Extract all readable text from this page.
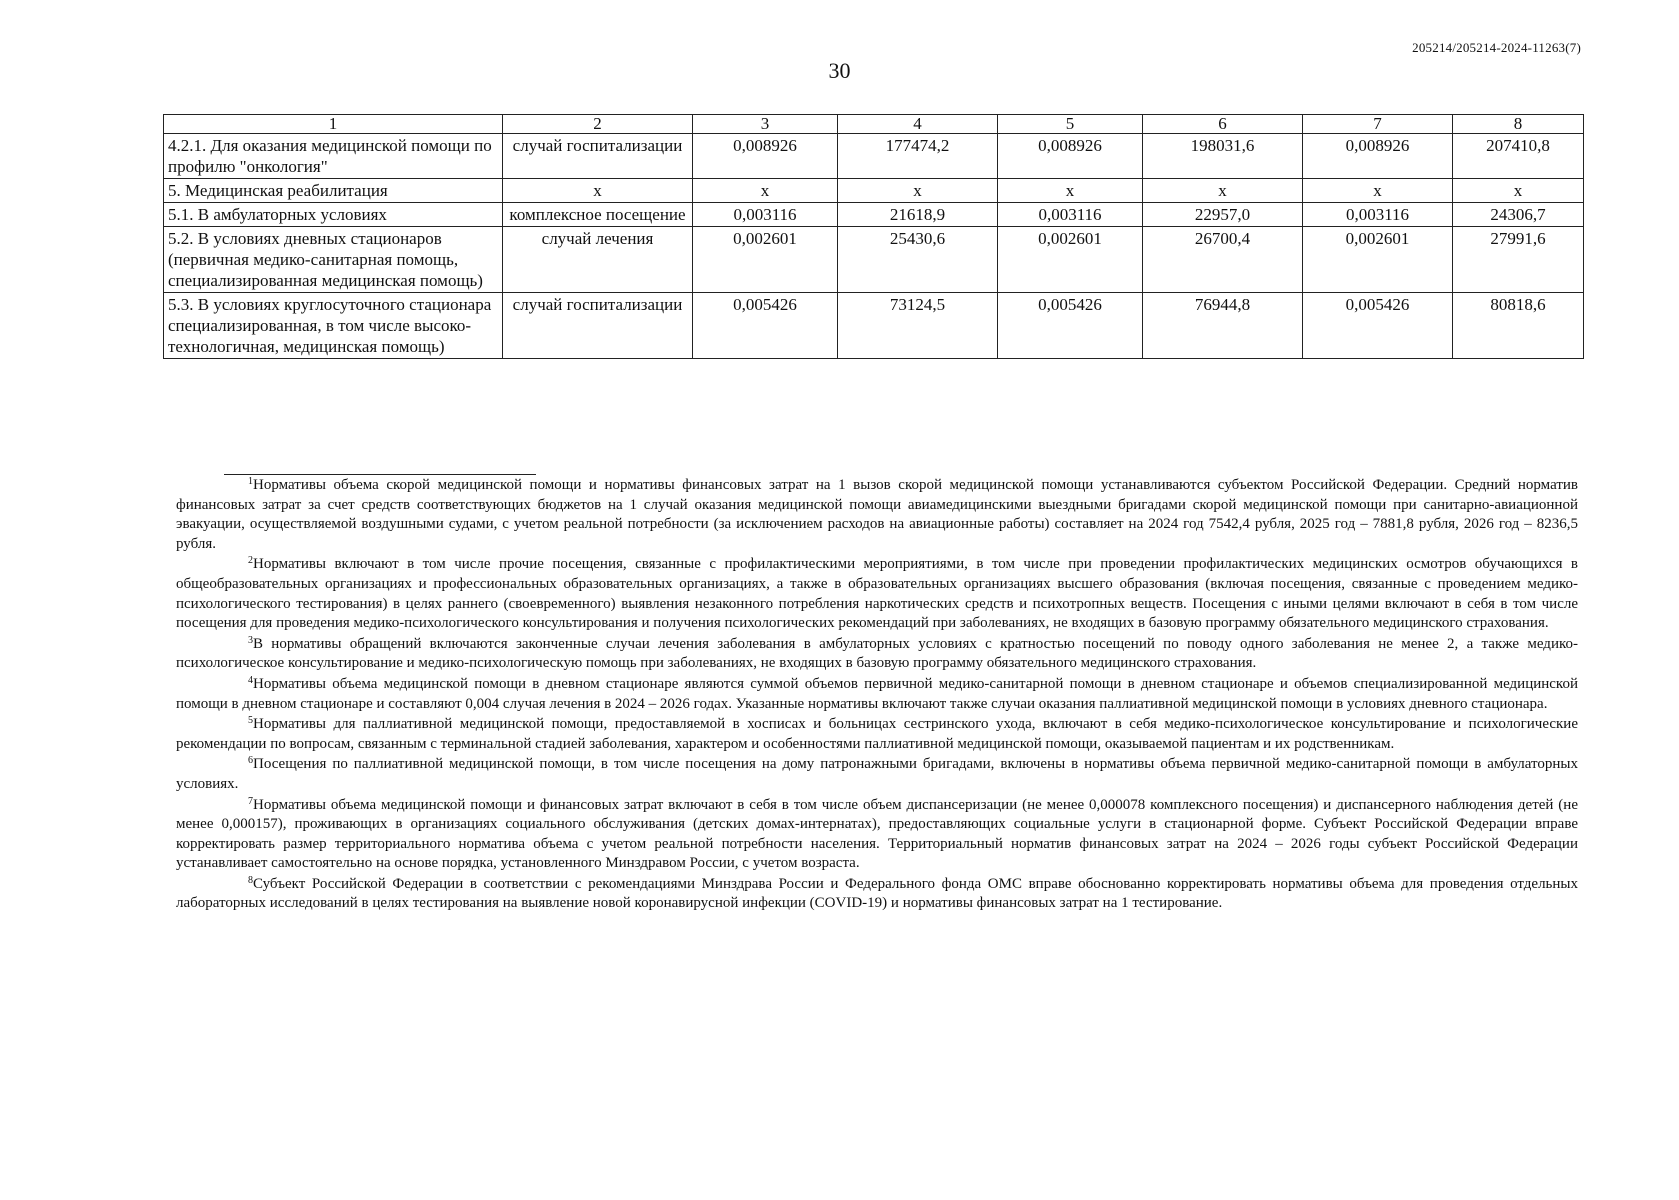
205214/205214-2024-11263(7)
30
1	2	3	4	5	6	7	8
4.2.1. Для оказания медицинской помощи по профилю "онкология"	случай госпитализации	0,008926	177474,2	0,008926	198031,6	0,008926	207410,8
5. Медицинская реабилитация	х	х	х	х	х	х	х
5.1. В амбулаторных условиях	комплексное посещение	0,003116	21618,9	0,003116	22957,0	0,003116	24306,7
5.2. В условиях дневных стационаров (первичная медико-санитарная помощь, специализированная медицинская помощь)	случай лечения	0,002601	25430,6	0,002601	26700,4	0,002601	27991,6
5.3. В условиях круглосуточного стационара специализированная, в том числе высоко-технологичная, медицинская помощь)	случай госпитализации	0,005426	73124,5	0,005426	76944,8	0,005426	80818,6

$^1$Нормативы объема скорой медицинской помощи и нормативы финансовых затрат на 1 вызов скорой медицинской помощи устанавливаются субъектом Российской Федерации. Средний норматив финансовых затрат за счет средств соответствующих бюджетов на 1 случай оказания медицинской помощи авиамедицинскими выездными бригадами скорой медицинской помощи при санитарно-авиационной эвакуации, осуществляемой воздушными судами, с учетом реальной потребности (за исключением расходов на авиационные работы) составляет на 2024 год 7542,4 рубля, 2025 год – 7881,8 рубля, 2026 год – 8236,5 рубля.

$^2$Нормативы включают в том числе прочие посещения, связанные с профилактическими мероприятиями, в том числе при проведении профилактических медицинских осмотров обучающихся в общеобразовательных организациях и профессиональных образовательных организациях, а также в образовательных организациях высшего образования (включая посещения, связанные с проведением медико-психологического тестирования) в целях раннего (своевременного) выявления незаконного потребления наркотических средств и психотропных веществ. Посещения с иными целями включают в себя в том числе посещения для проведения медико-психологического консультирования и получения психологических рекомендаций при заболеваниях, не входящих в базовую программу обязательного медицинского страхования.

$^3$В нормативы обращений включаются законченные случаи лечения заболевания в амбулаторных условиях с кратностью посещений по поводу одного заболевания не менее 2, а также медико-психологическое консультирование и медико-психологическую помощь при заболеваниях, не входящих в базовую программу обязательного медицинского страхования.

$^4$Нормативы объема медицинской помощи в дневном стационаре являются суммой объемов первичной медико-санитарной помощи в дневном стационаре и объемов специализированной медицинской помощи в дневном стационаре и составляют 0,004 случая лечения в 2024 – 2026 годах. Указанные нормативы включают также случаи оказания паллиативной медицинской помощи в условиях дневного стационара.

$^5$Нормативы для паллиативной медицинской помощи, предоставляемой в хосписах и больницах сестринского ухода, включают в себя медико-психологическое консультирование и психологические рекомендации по вопросам, связанным с терминальной стадией заболевания, характером и особенностями паллиативной медицинской помощи, оказываемой пациентам и их родственникам.

$^6$Посещения по паллиативной медицинской помощи, в том числе посещения на дому патронажными бригадами, включены в нормативы объема первичной медико-санитарной помощи в амбулаторных условиях.

$^7$Нормативы объема медицинской помощи и финансовых затрат включают в себя в том числе объем диспансеризации (не менее 0,000078 комплексного посещения) и диспансерного наблюдения детей (не менее 0,000157), проживающих в организациях социального обслуживания (детских домах-интернатах), предоставляющих социальные услуги в стационарной форме. Субъект Российской Федерации вправе корректировать размер территориального норматива объема с учетом реальной потребности населения. Территориальный норматив финансовых затрат на 2024 – 2026 годы субъект Российской Федерации устанавливает самостоятельно на основе порядка, установленного Минздравом России, с учетом возраста.

$^8$Субъект Российской Федерации в соответствии с рекомендациями Минздрава России и Федерального фонда ОМС вправе обоснованно корректировать нормативы объема для проведения отдельных лабораторных исследований в целях тестирования на выявление новой коронавирусной инфекции (COVID-19) и нормативы финансовых затрат на 1 тестирование.
